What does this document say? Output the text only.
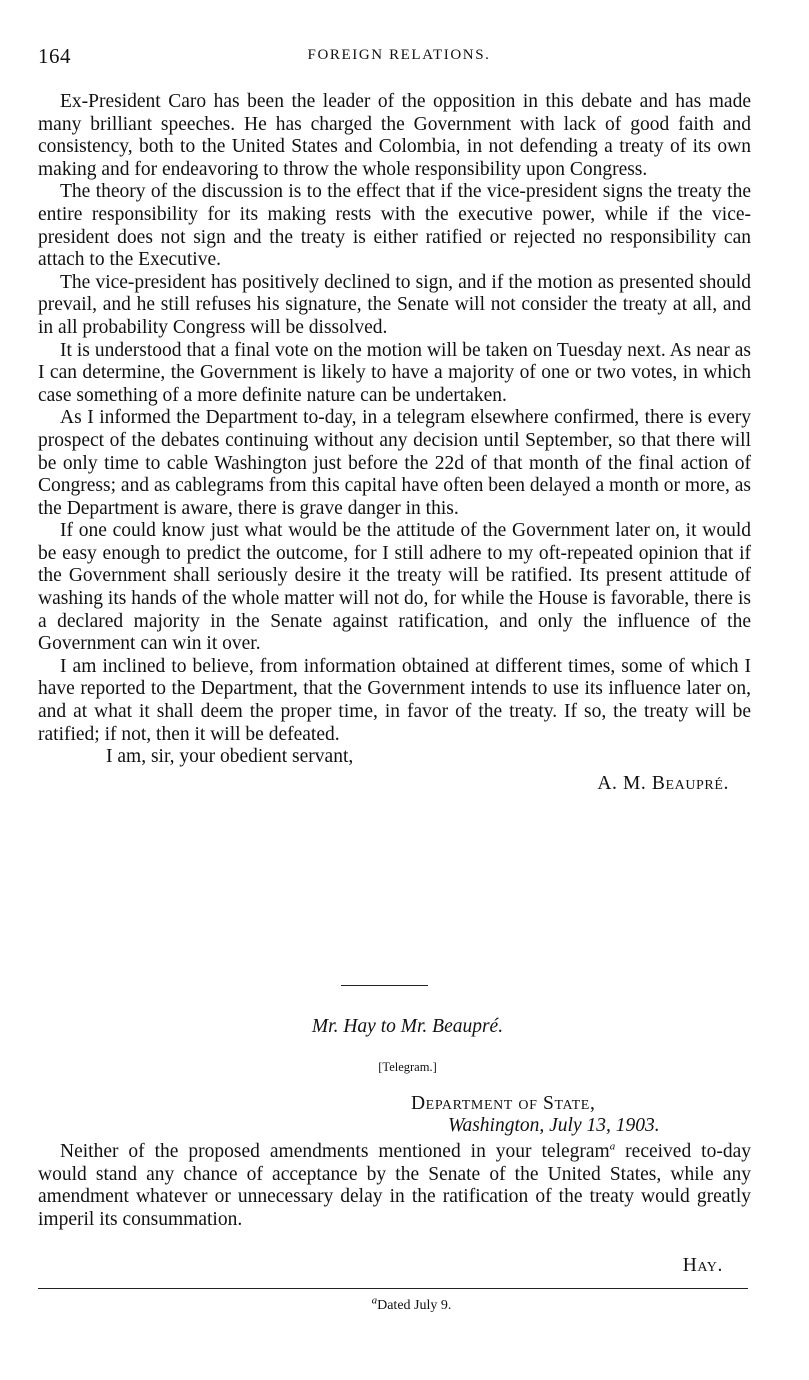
164	FOREIGN RELATIONS.

Ex-President Caro has been the leader of the opposition in this debate and has made many brilliant speeches. He has charged the Government with lack of good faith and consistency, both to the United States and Colombia, in not defending a treaty of its own making and for endeavoring to throw the whole responsibility upon Congress.

The theory of the discussion is to the effect that if the vice-president signs the treaty the entire responsibility for its making rests with the executive power, while if the vice-president does not sign and the treaty is either ratified or rejected no responsibility can attach to the Executive.

The vice-president has positively declined to sign, and if the motion as presented should prevail, and he still refuses his signature, the Senate will not consider the treaty at all, and in all probability Congress will be dissolved.

It is understood that a final vote on the motion will be taken on Tuesday next. As near as I can determine, the Government is likely to have a majority of one or two votes, in which case something of a more definite nature can be undertaken.

As I informed the Department to-day, in a telegram elsewhere confirmed, there is every prospect of the debates continuing without any decision until September, so that there will be only time to cable Washington just before the 22d of that month of the final action of Congress; and as cablegrams from this capital have often been delayed a month or more, as the Department is aware, there is grave danger in this.

If one could know just what would be the attitude of the Government later on, it would be easy enough to predict the outcome, for I still adhere to my oft-repeated opinion that if the Government shall seriously desire it the treaty will be ratified. Its present attitude of washing its hands of the whole matter will not do, for while the House is favorable, there is a declared majority in the Senate against ratification, and only the influence of the Government can win it over.

I am inclined to believe, from information obtained at different times, some of which I have reported to the Department, that the Government intends to use its influence later on, and at what it shall deem the proper time, in favor of the treaty. If so, the treaty will be ratified; if not, then it will be defeated.

I am, sir, your obedient servant,

A. M. Beaupré.
Mr. Hay to Mr. Beaupré.
[Telegram.]
Department of State,
Washington, July 13, 1903.

Neither of the proposed amendments mentioned in your telegram$^a$ received to-day would stand any chance of acceptance by the Senate of the United States, while any amendment whatever or unnecessary delay in the ratification of the treaty would greatly imperil its consummation.

Hay.
$^a$Dated July 9.
